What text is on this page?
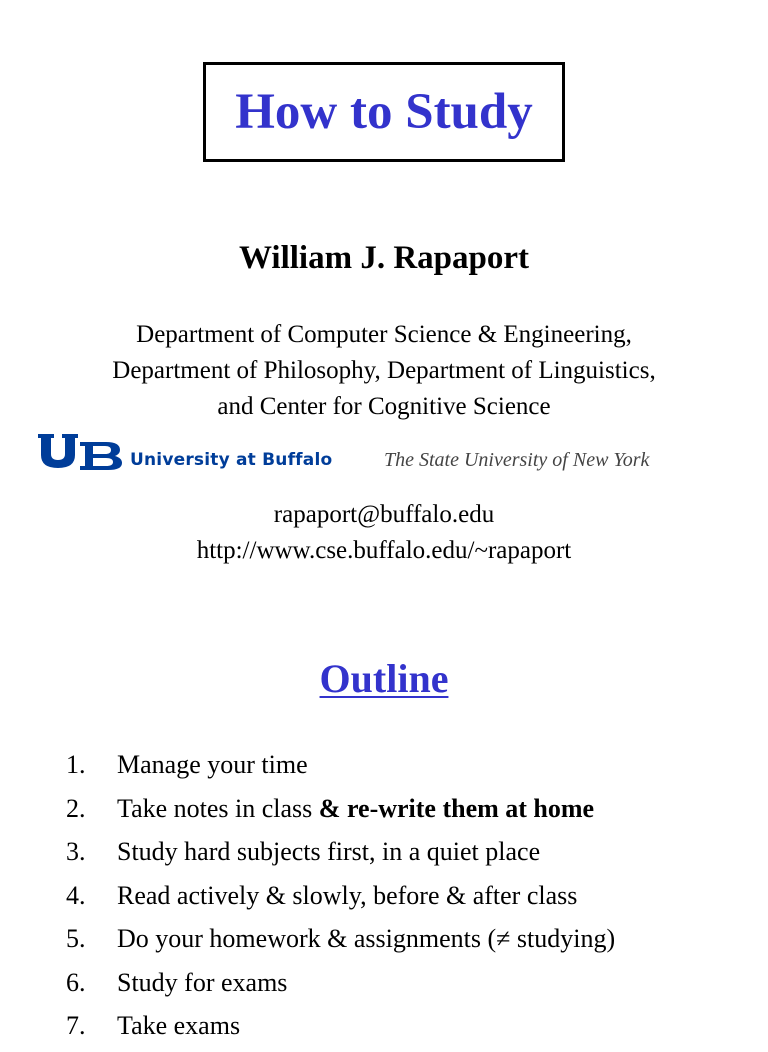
How to Study
William J. Rapaport
Department of Computer Science & Engineering,
Department of Philosophy, Department of Linguistics,
and Center for Cognitive Science
University at Buffalo	The State University of New York
rapaport@buffalo.edu
http://www.cse.buffalo.edu/~rapaport
Outline
1. Manage your time
2. Take notes in class & re-write them at home
3. Study hard subjects first, in a quiet place
4. Read actively & slowly, before & after class
5. Do your homework & assignments (≠ studying)
6. Study for exams
7. Take exams
